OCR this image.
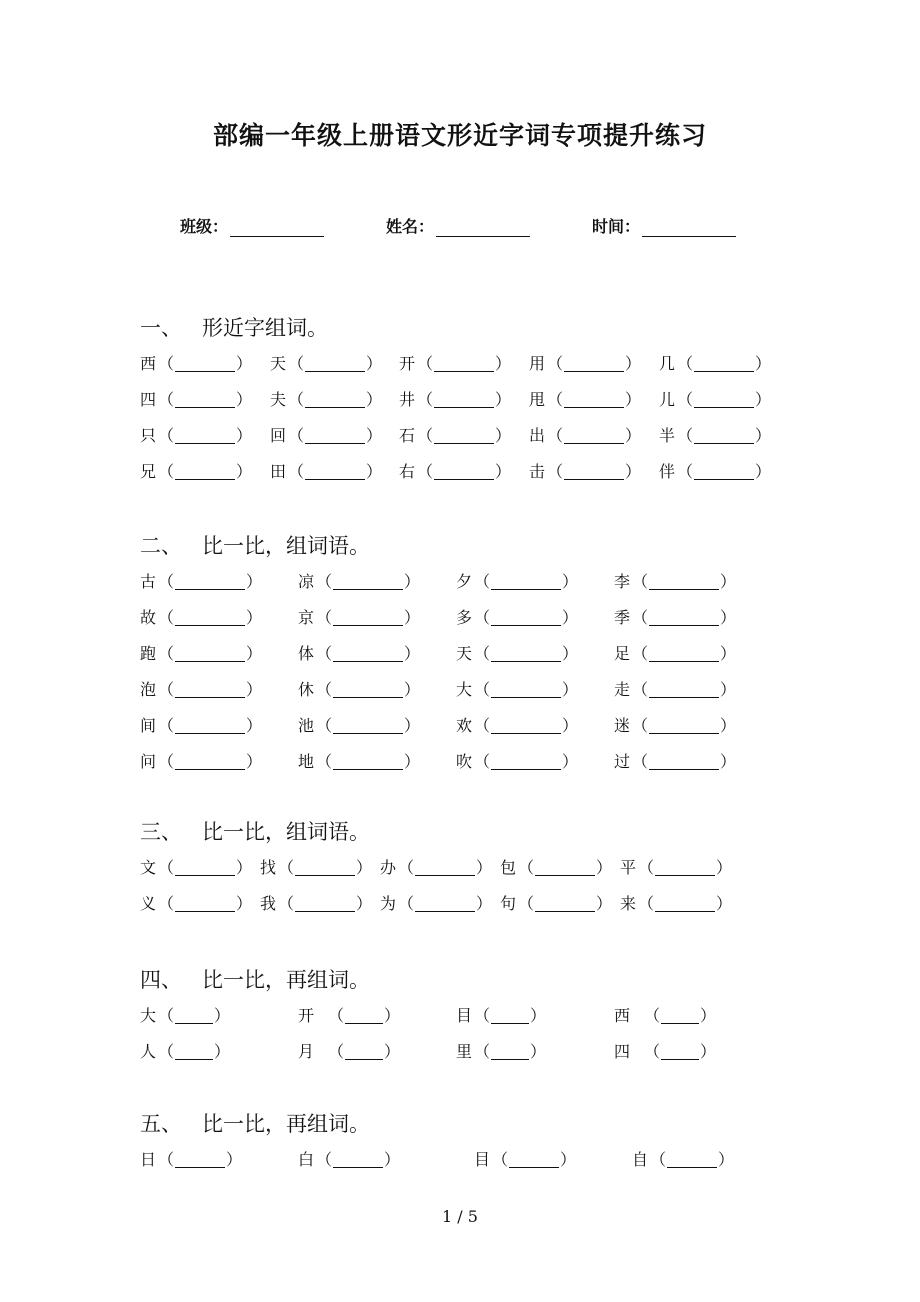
部编一年级上册语文形近字词专项提升练习
班级：	姓名：	时间：
一、 形近字组词。
西 （	） 天 （	） 开 （	） 用 （	） 几 （	）
四 （	） 夫 （	） 井 （	） 甩 （	） 儿 （	）
只 （	） 回 （	） 石 （	） 出 （	） 半 （	）
兄 （	） 田 （	） 右 （	） 击 （	） 伴 （	）
二、 比一比，组词语。
古 （	） 凉 （	） 夕 （	） 李 （	）
故 （	） 京 （	） 多 （	） 季 （	）
跑 （	） 体 （	） 天 （	） 足 （	）
泡 （	） 休 （	） 大 （	） 走 （	）
间 （	） 池 （	） 欢 （	） 迷 （	）
问 （	） 地 （	） 吹 （	） 过 （	）
三、 比一比，组词语。
文 （	） 找 （	） 办 （	） 包 （	） 平 （	）
义 （	） 我 （	） 为 （	） 句 （	） 来 （	）
四、 比一比，再组词。
大 （	）	开 （	）	目 （	）	西 （	）
人 （	）	月 （	）	里 （	）	四 （	）
五、 比一比，再组词。
日 （	）	白 （	）	目 （	）	自 （	）
1 / 5
